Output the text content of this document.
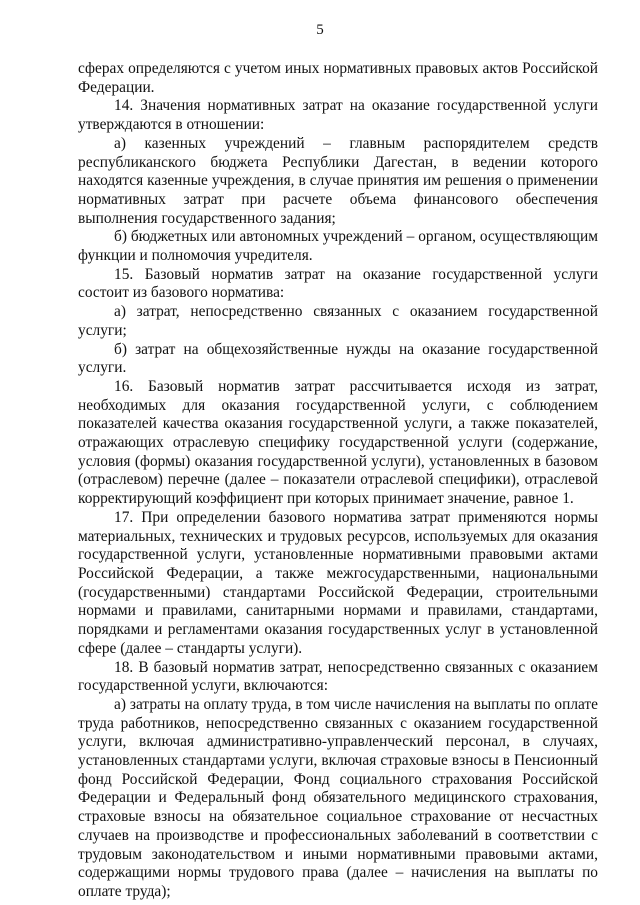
5

сферах определяются с учетом иных нормативных правовых актов Российской Федерации.

14. Значения нормативных затрат на оказание государственной услуги утверждаются в отношении:

а) казенных учреждений – главным распорядителем средств республиканского бюджета Республики Дагестан, в ведении которого находятся казенные учреждения, в случае принятия им решения о применении нормативных затрат при расчете объема финансового обеспечения выполнения государственного задания;

б) бюджетных или автономных учреждений – органом, осуществляющим функции и полномочия учредителя.

15. Базовый норматив затрат на оказание государственной услуги состоит из базового норматива:

а) затрат, непосредственно связанных с оказанием государственной услуги;

б) затрат на общехозяйственные нужды на оказание государственной услуги.

16. Базовый норматив затрат рассчитывается исходя из затрат, необходимых для оказания государственной услуги, с соблюдением показателей качества оказания государственной услуги, а также показателей, отражающих отраслевую специфику государственной услуги (содержание, условия (формы) оказания государственной услуги), установленных в базовом (отраслевом) перечне (далее – показатели отраслевой специфики), отраслевой корректирующий коэффициент при которых принимает значение, равное 1.

17. При определении базового норматива затрат применяются нормы материальных, технических и трудовых ресурсов, используемых для оказания государственной услуги, установленные нормативными правовыми актами Российской Федерации, а также межгосударственными, национальными (государственными) стандартами Российской Федерации, строительными нормами и правилами, санитарными нормами и правилами, стандартами, порядками и регламентами оказания государственных услуг в установленной сфере (далее – стандарты услуги).

18. В базовый норматив затрат, непосредственно связанных с оказанием государственной услуги, включаются:

а) затраты на оплату труда, в том числе начисления на выплаты по оплате труда работников, непосредственно связанных с оказанием государственной услуги, включая административно-управленческий персонал, в случаях, установленных стандартами услуги, включая страховые взносы в Пенсионный фонд Российской Федерации, Фонд социального страхования Российской Федерации и Федеральный фонд обязательного медицинского страхования, страховые взносы на обязательное социальное страхование от несчастных случаев на производстве и профессиональных заболеваний в соответствии с трудовым законодательством и иными нормативными правовыми актами, содержащими нормы трудового права (далее – начисления на выплаты по оплате труда);
